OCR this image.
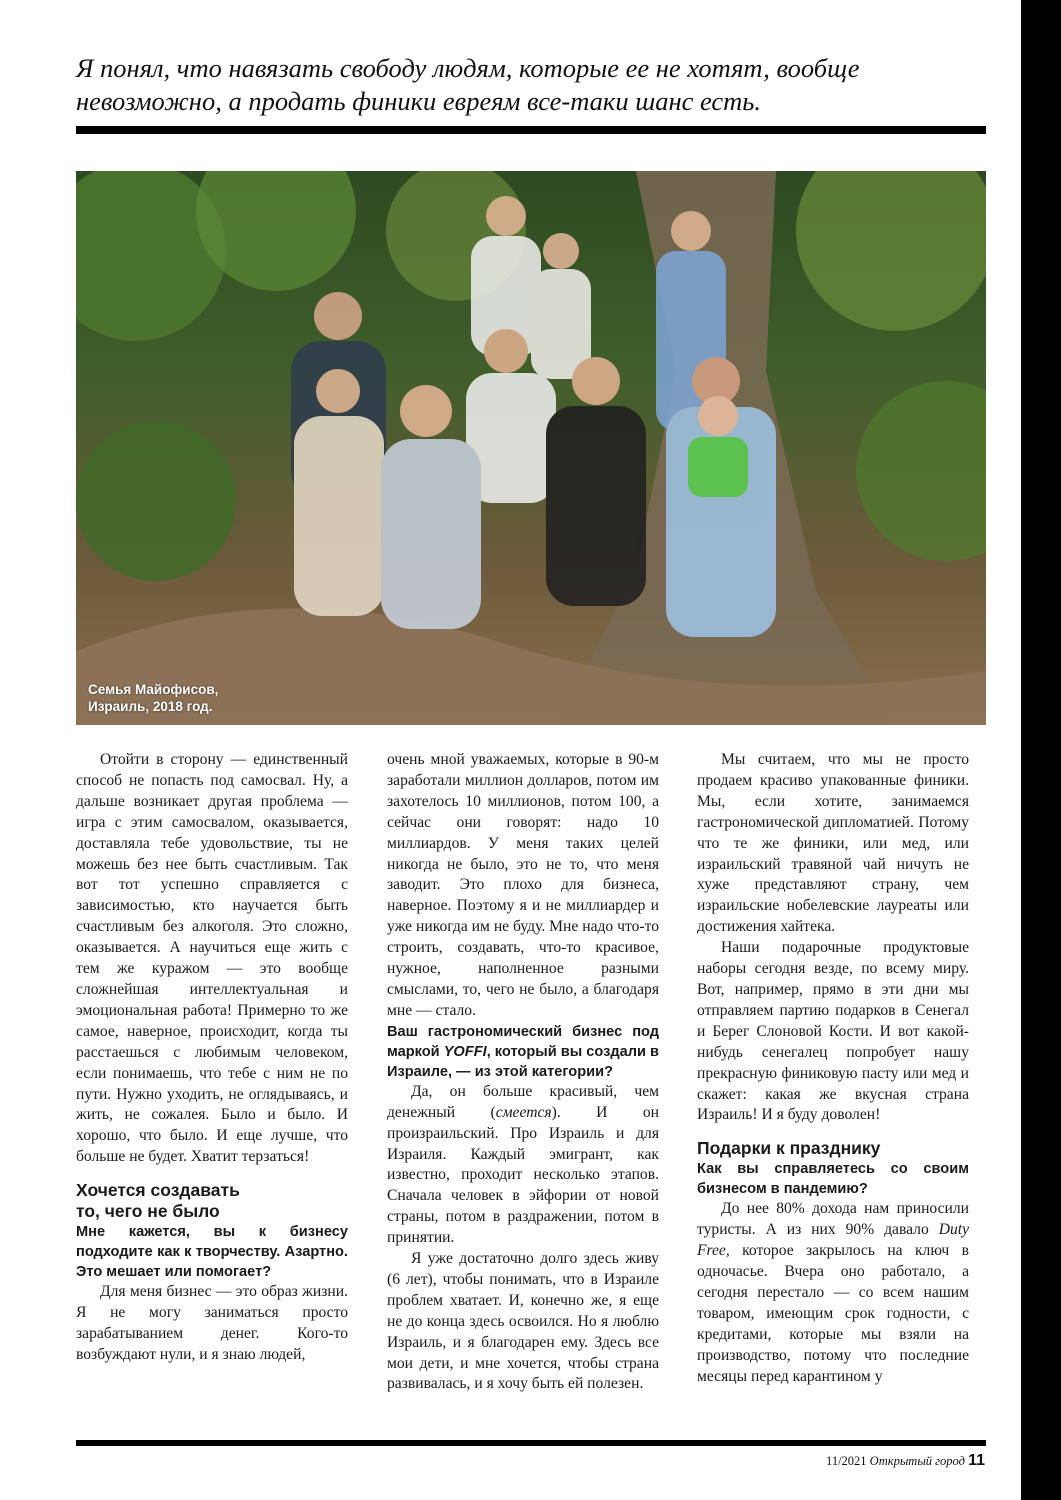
Я понял, что навязать свободу людям, которые ее не хотят, вообще
невозможно, а продать финики евреям все-таки шанс есть.
Семья Майофисов,
Израиль, 2018 год.

Отойти в сторону — единственный способ не попасть под самосвал. Ну, а дальше возникает другая проблема — игра с этим самосвалом, оказывается, доставляла тебе удовольствие, ты не можешь без нее быть счастливым. Так вот тот успешно справляется с зависимостью, кто научается быть счастливым без алкоголя. Это сложно, оказывается. А научиться еще жить с тем же куражом — это вообще сложнейшая интеллектуальная и эмоциональная работа! Примерно то же самое, наверное, происходит, когда ты расстаешься с любимым человеком, если понимаешь, что тебе с ним не по пути. Нужно уходить, не оглядываясь, и жить, не сожалея. Было и было. И хорошо, что было. И еще лучше, что больше не будет. Хватит терзаться!

Хочется создавать
то, чего не было

Мне кажется, вы к бизнесу подходите как к творчеству. Азартно. Это мешает или помогает?

Для меня бизнес — это образ жизни. Я не могу заниматься просто зарабатыванием денег. Кого-то возбуждают нули, и я знаю людей,

очень мной уважаемых, которые в 90-м заработали миллион долларов, потом им захотелось 10 миллионов, потом 100, а сейчас они говорят: надо 10 миллиардов. У меня таких целей никогда не было, это не то, что меня заводит. Это плохо для бизнеса, наверное. Поэтому я и не миллиардер и уже никогда им не буду. Мне надо что-то строить, создавать, что-то красивое, нужное, наполненное разными смыслами, то, чего не было, а благодаря мне — стало.

Ваш гастрономический бизнес под маркой YOFFI, который вы создали в Израиле, — из этой категории?

Да, он больше красивый, чем денежный (смеется). И он произраильский. Про Израиль и для Израиля. Каждый эмигрант, как известно, проходит несколько этапов. Сначала человек в эйфории от новой страны, потом в раздражении, потом в принятии.

Я уже достаточно долго здесь живу (6 лет), чтобы понимать, что в Израиле проблем хватает. И, конечно же, я еще не до конца здесь освоился. Но я люблю Израиль, и я благодарен ему. Здесь все мои дети, и мне хочется, чтобы страна развивалась, и я хочу быть ей полезен.

Мы считаем, что мы не просто продаем красиво упакованные финики. Мы, если хотите, занимаемся гастрономической дипломатией. Потому что те же финики, или мед, или израильский травяной чай ничуть не хуже представляют страну, чем израильские нобелевские лауреаты или достижения хайтека.

Наши подарочные продуктовые наборы сегодня везде, по всему миру. Вот, например, прямо в эти дни мы отправляем партию подарков в Сенегал и Берег Слоновой Кости. И вот какой-нибудь сенегалец попробует нашу прекрасную финиковую пасту или мед и скажет: какая же вкусная страна Израиль! И я буду доволен!

Подарки к празднику

Как вы справляетесь со своим бизнесом в пандемию?

До нее 80% дохода нам приносили туристы. А из них 90% давало Duty Free, которое закрылось на ключ в одночасье. Вчера оно работало, а сегодня перестало — со всем нашим товаром, имеющим срок годности, с кредитами, которые мы взяли на производство, потому что последние месяцы перед карантином у

11/2021 Открытый город 11
